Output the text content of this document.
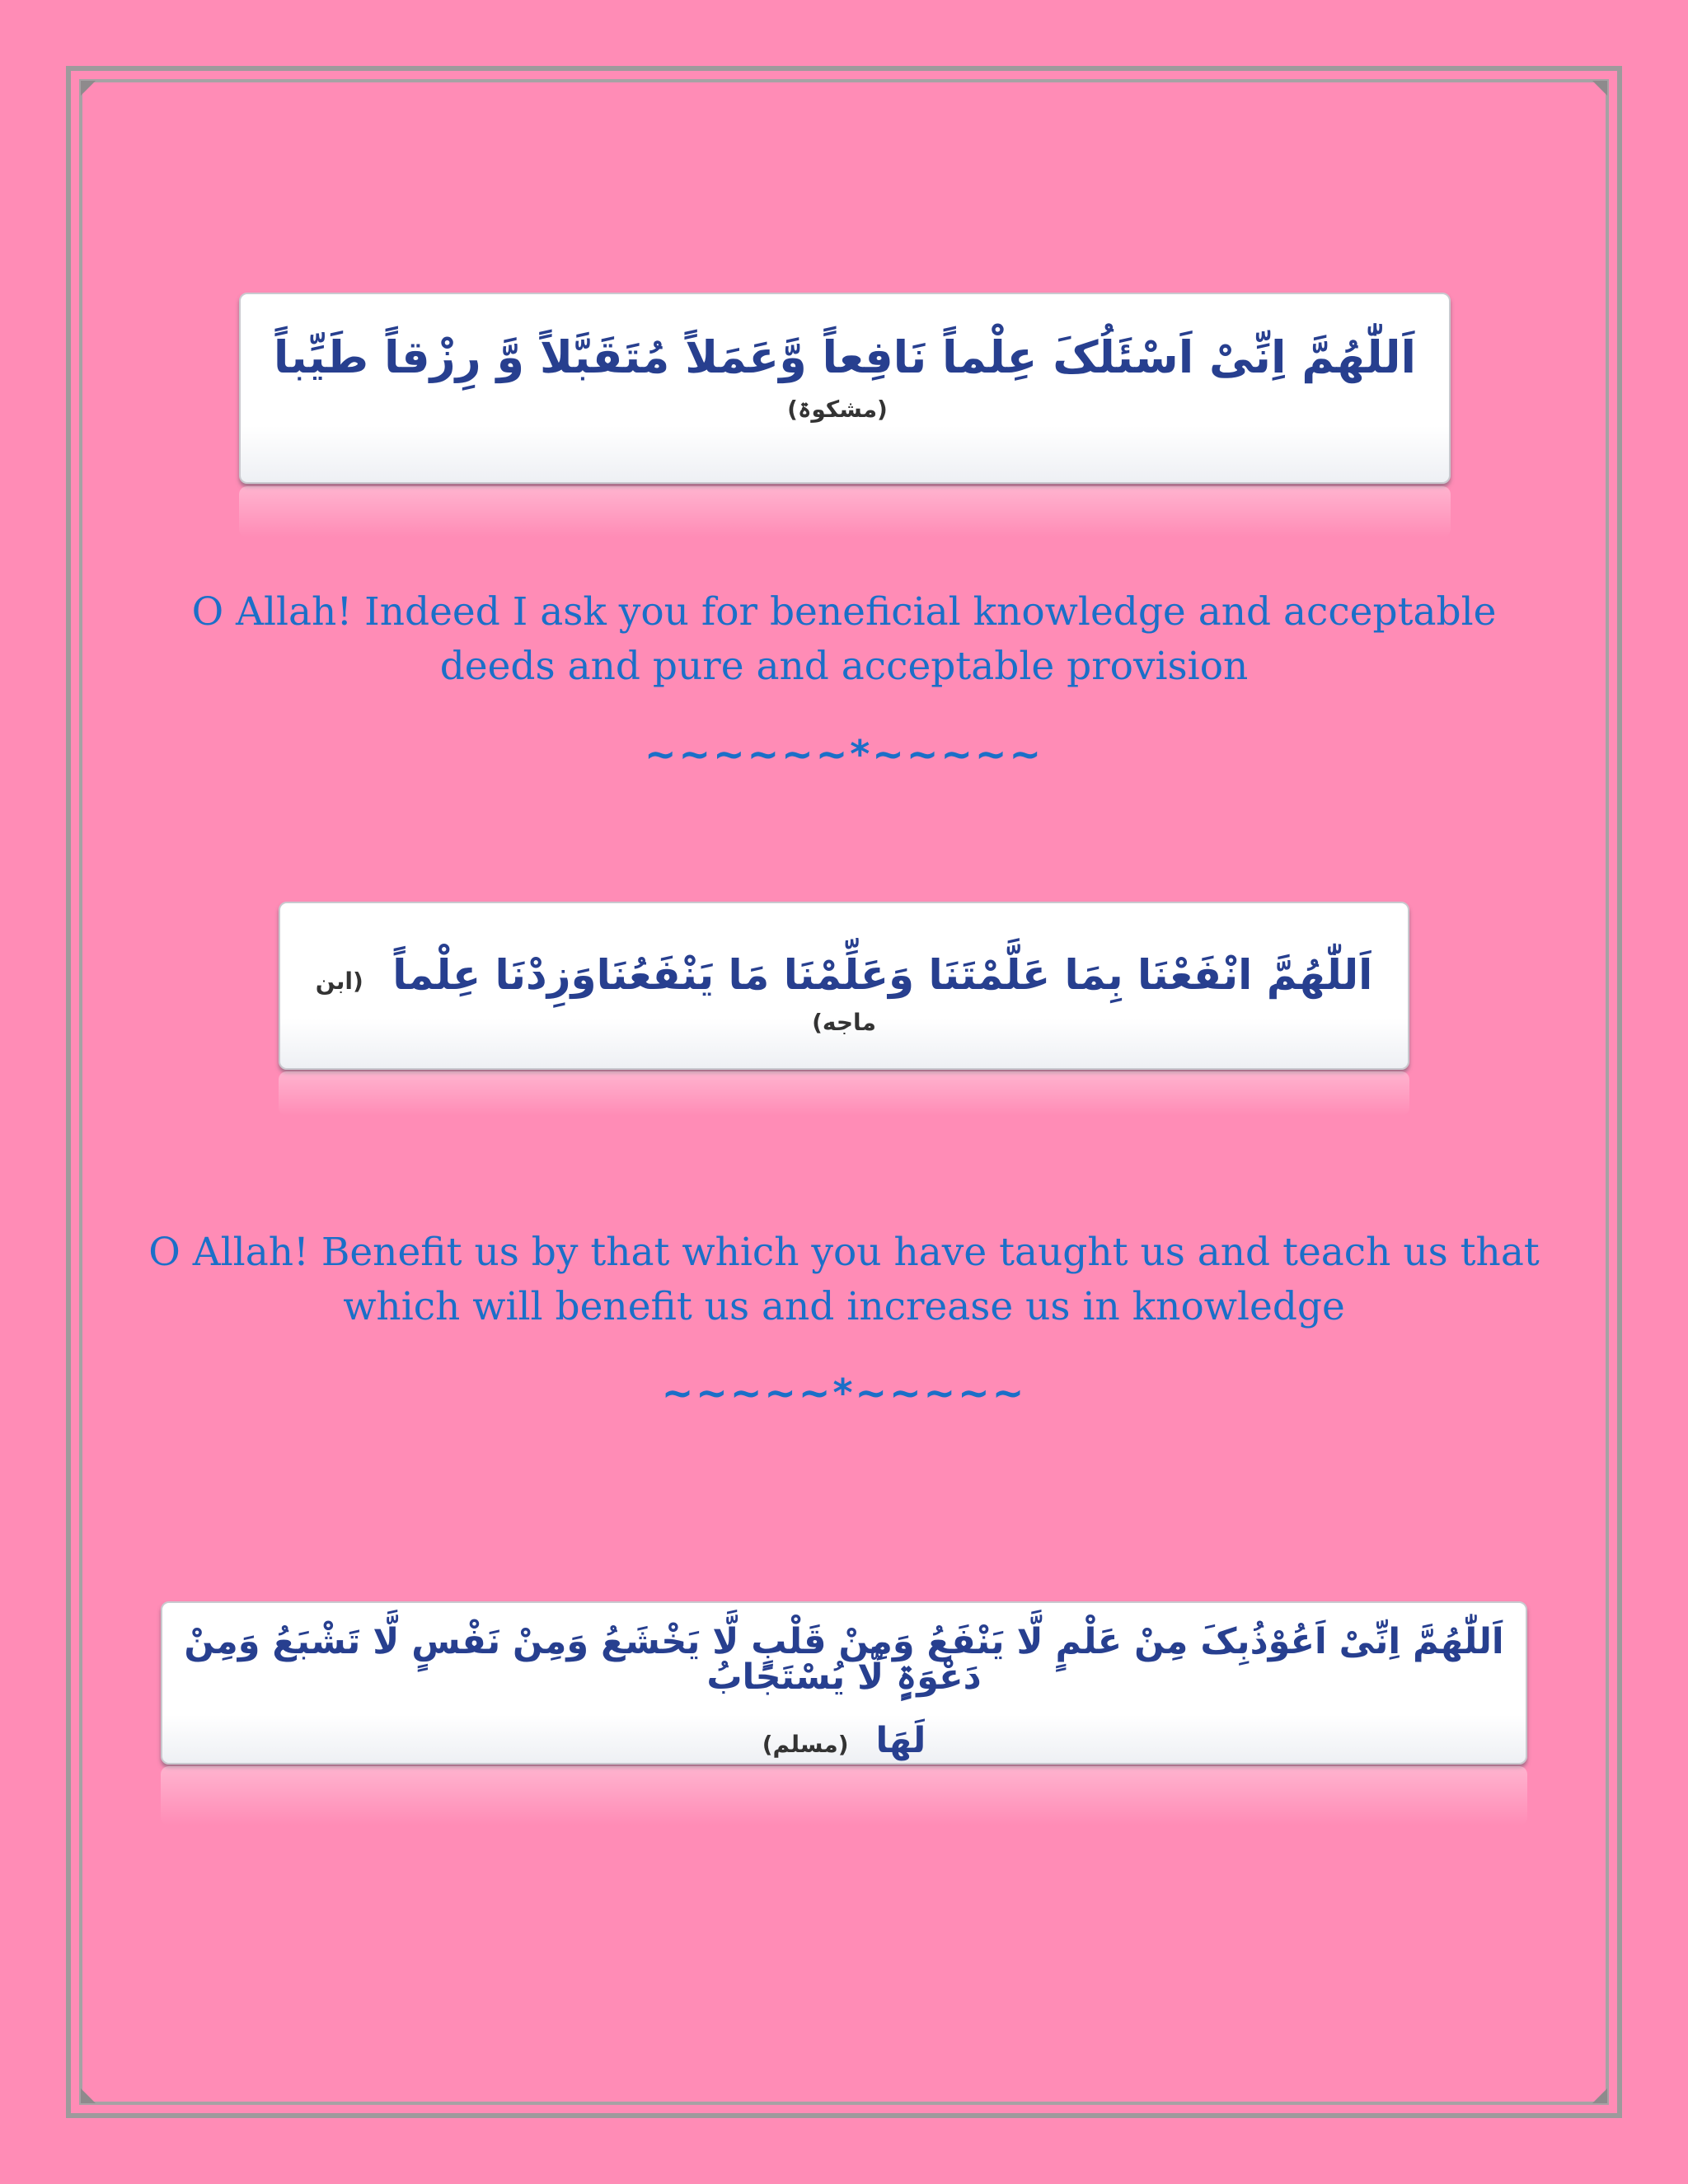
اَللّٰھُمَّ اِنِّیْ اَسْئَلُکَ عِلْماً نَافِعاً وَّعَمَلاً مُتَقَبَّلاً وَّ رِزْقاً طَیِّباً (مشکوۃ)

O Allah! Indeed I ask you for beneficial knowledge and acceptable deeds and pure and acceptable provision

~~~~~~*~~~~~

اَللّٰھُمَّ انْفَعْنَا بِمَا عَلَّمْتَنَا وَعَلِّمْنَا مَا یَنْفَعُنَاوَزِدْنَا عِلْماً (ابن ماجه)

O Allah! Benefit us by that which you have taught us and teach us that which will benefit us and increase us in knowledge

~~~~~*~~~~~

اَللّٰھُمَّ اِنِّیْ اَعُوْذُبِکَ مِنْ عَلْمٍ لَّا یَنْفَعُ وَمِنْ قَلْبٍ لَّا یَخْشَعُ وَمِنْ نَفْسٍ لَّا تَشْبَعُ وَمِنْ دَعْوَۃٍ لَّا یُسْتَجَابُ
لَھَا (مسلم)
